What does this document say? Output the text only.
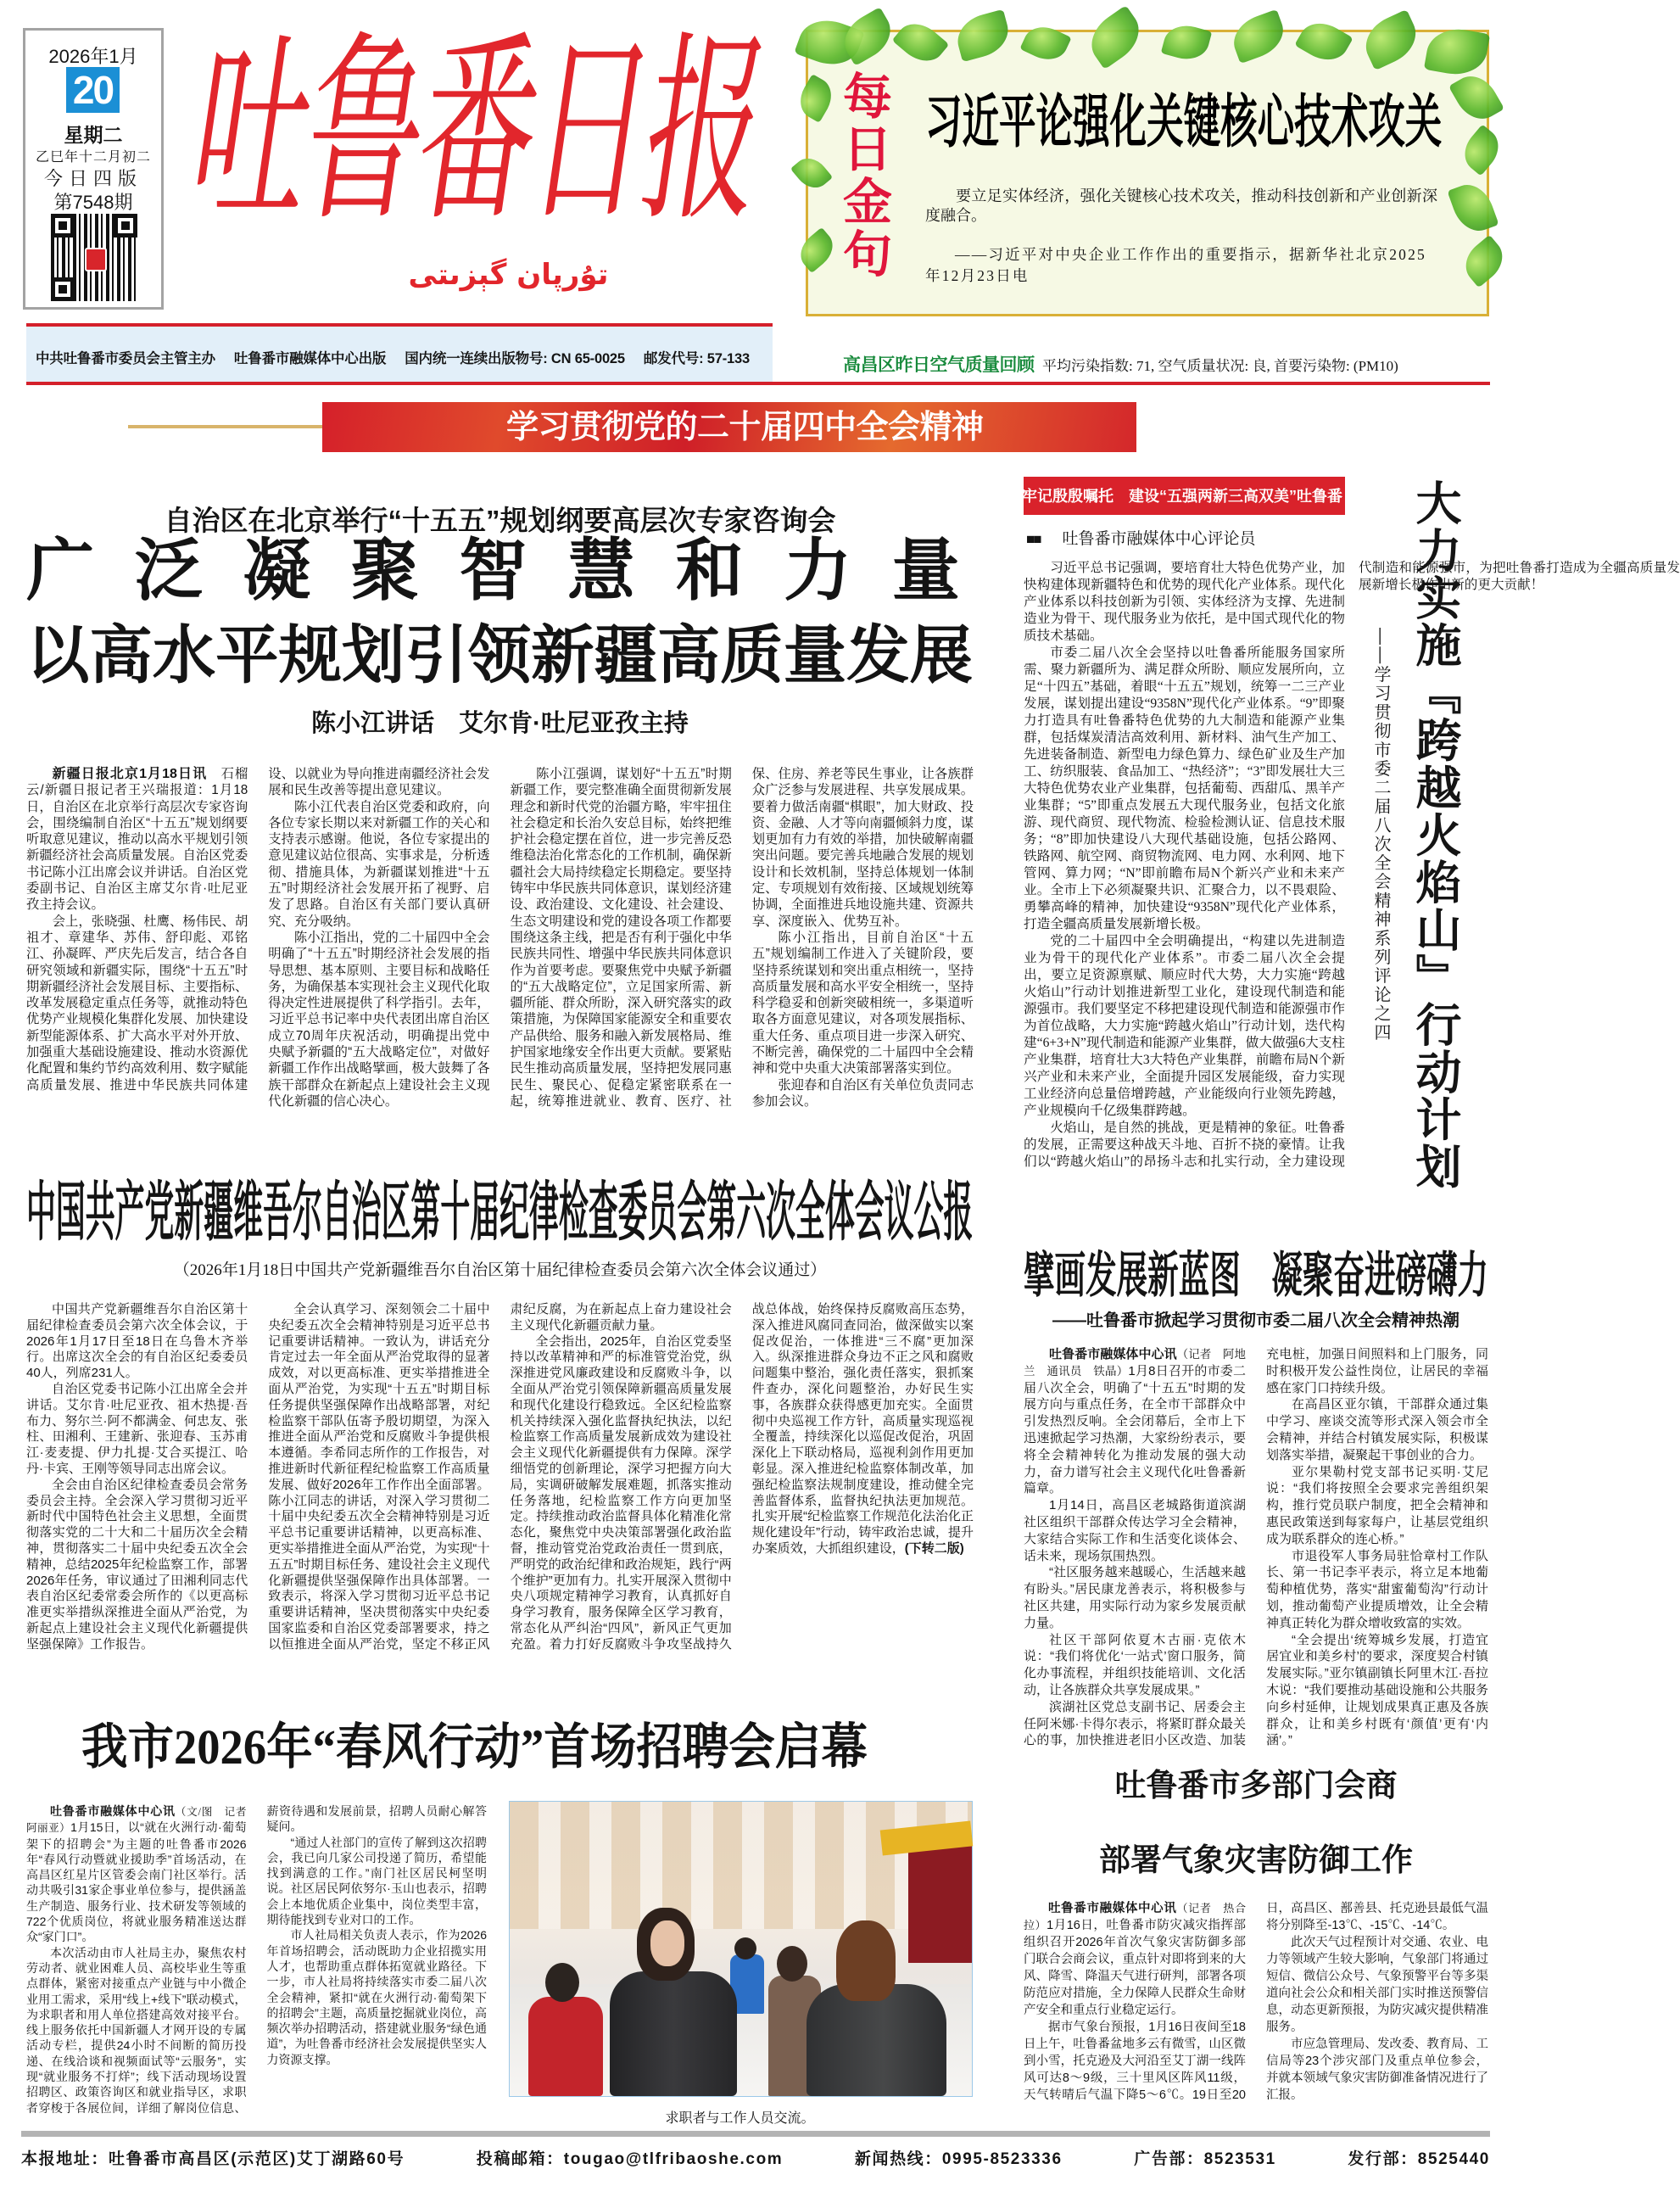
2026年1月
20
星期二
乙巳年十二月初二
今日四版
第7548期 吐鲁番日报
تۇرپان گېزىتى
中共吐鲁番市委员会主管主办 吐鲁番市融媒体中心出版 国内统一连续出版物号: CN 65-0025 邮发代号: 57-133
每日金句 习近平论强化关键核心技术攻关
要立足实体经济，强化关键核心技术攻关，推动科技创新和产业创新深度融合。
——习近平对中央企业工作作出的重要指示，据新华社北京2025年12月23日电
高昌区昨日空气质量回顾 平均污染指数: 71, 空气质量状况: 良, 首要污染物: (PM10)
学习贯彻党的二十届四中全会精神
自治区在北京举行“十五五”规划纲要高层次专家咨询会
广泛凝聚智慧和力量
以高水平规划引领新疆高质量发展
陈小江讲话　艾尔肯·吐尼亚孜主持

新疆日报北京1月18日讯　石榴云/新疆日报记者王兴瑞报道：1月18日，自治区在北京举行高层次专家咨询会，围绕编制自治区“十五五”规划纲要听取意见建议，推动以高水平规划引领新疆经济社会高质量发展。自治区党委书记陈小江出席会议并讲话。自治区党委副书记、自治区主席艾尔肯·吐尼亚孜主持会议。

会上，张晓强、杜鹰、杨伟民、胡祖才、章建华、苏伟、舒印彪、邓铭江、孙凝晖、严庆先后发言，结合各自研究领域和新疆实际，围绕“十五五”时期新疆经济社会发展目标、主要指标、改革发展稳定重点任务等，就推动特色优势产业规模化集群化发展、加快建设新型能源体系、扩大高水平对外开放、加强重大基础设施建设、推动水资源优化配置和集约节约高效利用、数字赋能高质量发展、推进中华民族共同体建设、以就业为导向推进南疆经济社会发展和民生改善等提出意见建议。

陈小江代表自治区党委和政府，向各位专家长期以来对新疆工作的关心和支持表示感谢。他说，各位专家提出的意见建议站位很高、实事求是，分析透彻、措施具体，为新疆谋划推进“十五五”时期经济社会发展开拓了视野、启发了思路。自治区有关部门要认真研究、充分吸纳。

陈小江指出，党的二十届四中全会明确了“十五五”时期经济社会发展的指导思想、基本原则、主要目标和战略任务，为确保基本实现社会主义现代化取得决定性进展提供了科学指引。去年，习近平总书记率中央代表团出席自治区成立70周年庆祝活动，明确提出党中央赋予新疆的“五大战略定位”，对做好新疆工作作出战略擘画，极大鼓舞了各族干部群众在新起点上建设社会主义现代化新疆的信心决心。

陈小江强调，谋划好“十五五”时期新疆工作，要完整准确全面贯彻新发展理念和新时代党的治疆方略，牢牢扭住社会稳定和长治久安总目标，始终把维护社会稳定摆在首位，进一步完善反恐维稳法治化常态化的工作机制，确保新疆社会大局持续稳定长期稳定。要坚持铸牢中华民族共同体意识，谋划经济建设、政治建设、文化建设、社会建设、生态文明建设和党的建设各项工作都要围绕这条主线，把是否有利于强化中华民族共同性、增强中华民族共同体意识作为首要考虑。要聚焦党中央赋予新疆的“五大战略定位”，立足国家所需、新疆所能、群众所盼，深入研究落实的政策措施，为保障国家能源安全和重要农产品供给、服务和融入新发展格局、维护国家地缘安全作出更大贡献。要紧贴民生推动高质量发展，坚持把发展同惠民生、聚民心、促稳定紧密联系在一起，统筹推进就业、教育、医疗、社保、住房、养老等民生事业，让各族群众广泛参与发展进程、共享发展成果。要着力做活南疆“棋眼”，加大财政、投资、金融、人才等向南疆倾斜力度，谋划更加有力有效的举措，加快破解南疆突出问题。要完善兵地融合发展的规划设计和长效机制，坚持总体规划一体制定、专项规划有效衔接、区域规划统筹协调，全面推进兵地设施共建、资源共享、深度嵌入、优势互补。

陈小江指出，目前自治区“十五五”规划编制工作进入了关键阶段，要坚持系统谋划和突出重点相统一，坚持高质量发展和高水平安全相统一，坚持科学稳妥和创新突破相统一，多渠道听取各方面意见建议，对各项发展指标、重大任务、重点项目进一步深入研究、不断完善，确保党的二十届四中全会精神和党中央重大决策部署落实到位。

张迎春和自治区有关单位负责同志参加会议。

牢记殷殷嘱托　建设“五强两新三高双美”吐鲁番
■■ 吐鲁番市融媒体中心评论员

习近平总书记强调，要培育壮大特色优势产业，加快构建体现新疆特色和优势的现代化产业体系。现代化产业体系以科技创新为引领、实体经济为支撑、先进制造业为骨干、现代服务业为依托，是中国式现代化的物质技术基础。

市委二届八次全会坚持以吐鲁番所能服务国家所需、聚力新疆所为、满足群众所盼、顺应发展所向，立足“十四五”基础，着眼“十五五”规划，统筹一二三产业发展，谋划提出建设“9358N”现代化产业体系。“9”即聚力打造具有吐鲁番特色优势的九大制造和能源产业集群，包括煤炭清洁高效利用、新材料、油气生产加工、先进装备制造、新型电力绿色算力、绿色矿业及生产加工、纺织服装、食品加工、“热经济”；“3”即发展壮大三大特色优势农业产业集群，包括葡萄、西甜瓜、黑羊产业集群；“5”即重点发展五大现代服务业，包括文化旅游、现代商贸、现代物流、检验检测认证、信息技术服务；“8”即加快建设八大现代基础设施，包括公路网、铁路网、航空网、商贸物流网、电力网、水利网、地下管网、算力网；“N”即前瞻布局N个新兴产业和未来产业。全市上下必须凝聚共识、汇聚合力，以不畏艰险、勇攀高峰的精神，加快建设“9358N”现代化产业体系，打造全疆高质量发展新增长极。

党的二十届四中全会明确提出，“构建以先进制造业为骨干的现代化产业体系”。市委二届八次全会提出，要立足资源禀赋、顺应时代大势，大力实施“跨越火焰山”行动计划推进新型工业化，建设现代制造和能源强市。我们要坚定不移把建设现代制造和能源强市作为首位战略，大力实施“跨越火焰山”行动计划，迭代构建“6+3+N”现代制造和能源产业集群，做大做强6大支柱产业集群，培育壮大3大特色产业集群，前瞻布局N个新兴产业和未来产业，全面提升园区发展能级，奋力实现工业经济向总量倍增跨越，产业能级向行业领先跨越，产业规模向千亿级集群跨越。

火焰山，是自然的挑战，更是精神的象征。吐鲁番的发展，正需要这种战天斗地、百折不挠的豪情。让我们以“跨越火焰山”的昂扬斗志和扎实行动，全力建设现代制造和能源强市，为把吐鲁番打造成为全疆高质量发展新增长极作出新的更大贡献！

——学习贯彻市委二届八次全会精神系列评论之四 大力实施『跨越火焰山』行动计划
中国共产党新疆维吾尔自治区第十届纪律检查委员会第六次全体会议公报
（2026年1月18日中国共产党新疆维吾尔自治区第十届纪律检查委员会第六次全体会议通过）

中国共产党新疆维吾尔自治区第十届纪律检查委员会第六次全体会议，于2026年1月17日至18日在乌鲁木齐举行。出席这次全会的有自治区纪委委员40人，列席231人。

自治区党委书记陈小江出席全会并讲话。艾尔肯·吐尼亚孜、祖木热提·吾布力、努尔兰·阿不都满金、何忠友、张柱、田湘利、王建新、张迎春、玉苏甫江·麦麦提、伊力扎提·艾合买提江、哈丹·卡宾、王刚等领导同志出席会议。

全会由自治区纪律检查委员会常务委员会主持。全会深入学习贯彻习近平新时代中国特色社会主义思想，全面贯彻落实党的二十大和二十届历次全会精神，贯彻落实二十届中央纪委五次全会精神，总结2025年纪检监察工作，部署2026年任务，审议通过了田湘利同志代表自治区纪委常委会所作的《以更高标准更实举措纵深推进全面从严治党，为新起点上建设社会主义现代化新疆提供坚强保障》工作报告。

全会认真学习、深刻领会二十届中央纪委五次全会精神特别是习近平总书记重要讲话精神。一致认为，讲话充分肯定过去一年全面从严治党取得的显著成效，对以更高标准、更实举措推进全面从严治党，为实现“十五五”时期目标任务提供坚强保障作出战略部署，对纪检监察干部队伍寄予殷切期望，为深入推进全面从严治党和反腐败斗争提供根本遵循。李希同志所作的工作报告，对推进新时代新征程纪检监察工作高质量发展、做好2026年工作作出全面部署。陈小江同志的讲话，对深入学习贯彻二十届中央纪委五次全会精神特别是习近平总书记重要讲话精神，以更高标准、更实举措推进全面从严治党，为实现“十五五”时期目标任务、建设社会主义现代化新疆提供坚强保障作出具体部署。一致表示，将深入学习贯彻习近平总书记重要讲话精神，坚决贯彻落实中央纪委国家监委和自治区党委部署要求，持之以恒推进全面从严治党，坚定不移正风肃纪反腐，为在新起点上奋力建设社会主义现代化新疆贡献力量。

全会指出，2025年，自治区党委坚持以改革精神和严的标准管党治党，纵深推进党风廉政建设和反腐败斗争，以全面从严治党引领保障新疆高质量发展和现代化建设行稳致远。全区纪检监察机关持续深入强化监督执纪执法，以纪检监察工作高质量发展新成效为建设社会主义现代化新疆提供有力保障。深学细悟党的创新理论，深学习把握方向大局，实调研破解发展难题，抓落实推动任务落地，纪检监察工作方向更加坚定。持续推动政治监督具体化精准化常态化，聚焦党中央决策部署强化政治监督，推动管党治党政治责任一贯到底，严明党的政治纪律和政治规矩，践行“两个维护”更加有力。扎实开展深入贯彻中央八项规定精神学习教育，认真抓好自身学习教育，服务保障全区学习教育，常态化从严纠治“四风”，新风正气更加充盈。着力打好反腐败斗争攻坚战持久战总体战，始终保持反腐败高压态势，深入推进风腐同查同治，做深做实以案促改促治，一体推进“三不腐”更加深入。纵深推进群众身边不正之风和腐败问题集中整治，强化责任落实，狠抓案件查办，深化问题整治，办好民生实事，各族群众获得感更加充实。全面贯彻中央巡视工作方针，高质量实现巡视全覆盖，持续深化以巡促改促治，巩固深化上下联动格局，巡视利剑作用更加彰显。深入推进纪检监察体制改革，加强纪检监察法规制度建设，推动健全完善监督体系，监督执纪执法更加规范。扎实开展“纪检监察工作规范化法治化正规化建设年”行动，铸牢政治忠诚，提升办案质效，大抓组织建设，(下转二版)

擘画发展新蓝图　凝聚奋进磅礴力
——吐鲁番市掀起学习贯彻市委二届八次全会精神热潮

吐鲁番市融媒体中心讯（记者　阿地兰　通讯员　铁晶）1月8日召开的市委二届八次全会，明确了“十五五”时期的发展方向与重点任务，在全市干部群众中引发热烈反响。全会闭幕后，全市上下迅速掀起学习热潮，大家纷纷表示，要将全会精神转化为推动发展的强大动力，奋力谱写社会主义现代化吐鲁番新篇章。

1月14日，高昌区老城路街道滨湖社区组织干部群众传达学习全会精神，大家结合实际工作和生活变化谈体会、话未来，现场氛围热烈。

“社区服务越来越暖心，生活越来越有盼头。”居民康龙善表示，将积极参与社区共建，用实际行动为家乡发展贡献力量。

社区干部阿依夏木古丽·克依木说：“我们将优化‘一站式’窗口服务，简化办事流程，并组织技能培训、文化活动，让各族群众共享发展成果。”

滨湖社区党总支副书记、居委会主任阿米娜·卡得尔表示，将紧盯群众最关心的事，加快推进老旧小区改造、加装充电桩，加强日间照料和上门服务，同时积极开发公益性岗位，让居民的幸福感在家门口持续升级。

在高昌区亚尔镇，干部群众通过集中学习、座谈交流等形式深入领会市全会精神，并结合村镇发展实际，积极谋划落实举措，凝聚起干事创业的合力。

亚尔果勒村党支部书记买明·艾尼说：“我们将按照全会要求完善组织架构，推行党员联户制度，把全会精神和惠民政策送到每家每户，让基层党组织成为联系群众的连心桥。”

市退役军人事务局驻恰章村工作队长、第一书记李平表示，将立足本地葡萄种植优势，落实“甜蜜葡萄沟”行动计划，推动葡萄产业提质增效，让全会精神真正转化为群众增收致富的实效。

“全会提出‘统筹城乡发展，打造宜居宜业和美乡村’的要求，深度契合村镇发展实际。”亚尔镇副镇长阿里木江·吾拉木说：“我们要推动基础设施和公共服务向乡村延伸，让规划成果真正惠及各族群众，让和美乡村既有‘颜值’更有‘内涵’。”

我市2026年“春风行动”首场招聘会启幕

吐鲁番市融媒体中心讯（文/图　记者　阿丽亚）1月15日，以“就在火洲行动·葡萄架下的招聘会”为主题的吐鲁番市2026年“春风行动暨就业援助季”首场活动，在高昌区红星片区管委会南门社区举行。活动共吸引31家企事业单位参与，提供涵盖生产制造、服务行业、技术研发等领域的722个优质岗位，将就业服务精准送达群众“家门口”。

本次活动由市人社局主办，聚焦农村劳动者、就业困难人员、高校毕业生等重点群体，紧密对接重点产业链与中小微企业用工需求，采用“线上+线下”联动模式，为求职者和用人单位搭建高效对接平台。线上服务依托中国新疆人才网开设的专属活动专栏，提供24小时不间断的简历投递、在线洽谈和视频面试等“云服务”，实现“就业服务不打烊”；线下活动现场设置招聘区、政策咨询区和就业指导区，求职者穿梭于各展位间，详细了解岗位信息、薪资待遇和发展前景，招聘人员耐心解答疑问。

“通过人社部门的宣传了解到这次招聘会，我已向几家公司投递了简历，希望能找到满意的工作。”南门社区居民柯坚明说。社区居民阿依努尔·玉山也表示，招聘会上本地优质企业集中，岗位类型丰富，期待能找到专业对口的工作。

市人社局相关负责人表示，作为2026年首场招聘会，活动既助力企业招揽实用人才，也帮助重点群体拓宽就业路径。下一步，市人社局将持续落实市委二届八次全会精神，紧扣“就在火洲行动·葡萄架下的招聘会”主题，高质量挖掘就业岗位，高频次举办招聘活动，搭建就业服务“绿色通道”，为吐鲁番市经济社会发展提供坚实人力资源支撑。

求职者与工作人员交流。
吐鲁番市多部门会商
部署气象灾害防御工作

吐鲁番市融媒体中心讯（记者　热合拉）1月16日，吐鲁番市防灾减灾指挥部组织召开2026年首次气象灾害防御多部门联合会商会议，重点针对即将到来的大风、降雪、降温天气进行研判，部署各项防范应对措施，全力保障人民群众生命财产安全和重点行业稳定运行。

据市气象台预报，1月16日夜间至18日上午，吐鲁番盆地多云有微雪，山区微到小雪，托克逊及大河沿至艾丁湖一线阵风可达8～9级，三十里风区阵风11级，天气转晴后气温下降5～6℃。19日至20日，高昌区、鄯善县、托克逊县最低气温将分别降至-13℃、-15℃、-14℃。

此次天气过程预计对交通、农业、电力等领域产生较大影响，气象部门将通过短信、微信公众号、气象预警平台等多渠道向社会公众和相关部门实时推送预警信息，动态更新预报，为防灾减灾提供精准服务。

市应急管理局、发改委、教育局、工信局等23个涉灾部门及重点单位参会，并就本领域气象灾害防御准备情况进行了汇报。

本报地址：吐鲁番市高昌区(示范区)艾丁湖路60号	投稿邮箱：tougao@tlfribaoshe.com	新闻热线：0995-8523336	广告部：8523531	发行部：8525440
